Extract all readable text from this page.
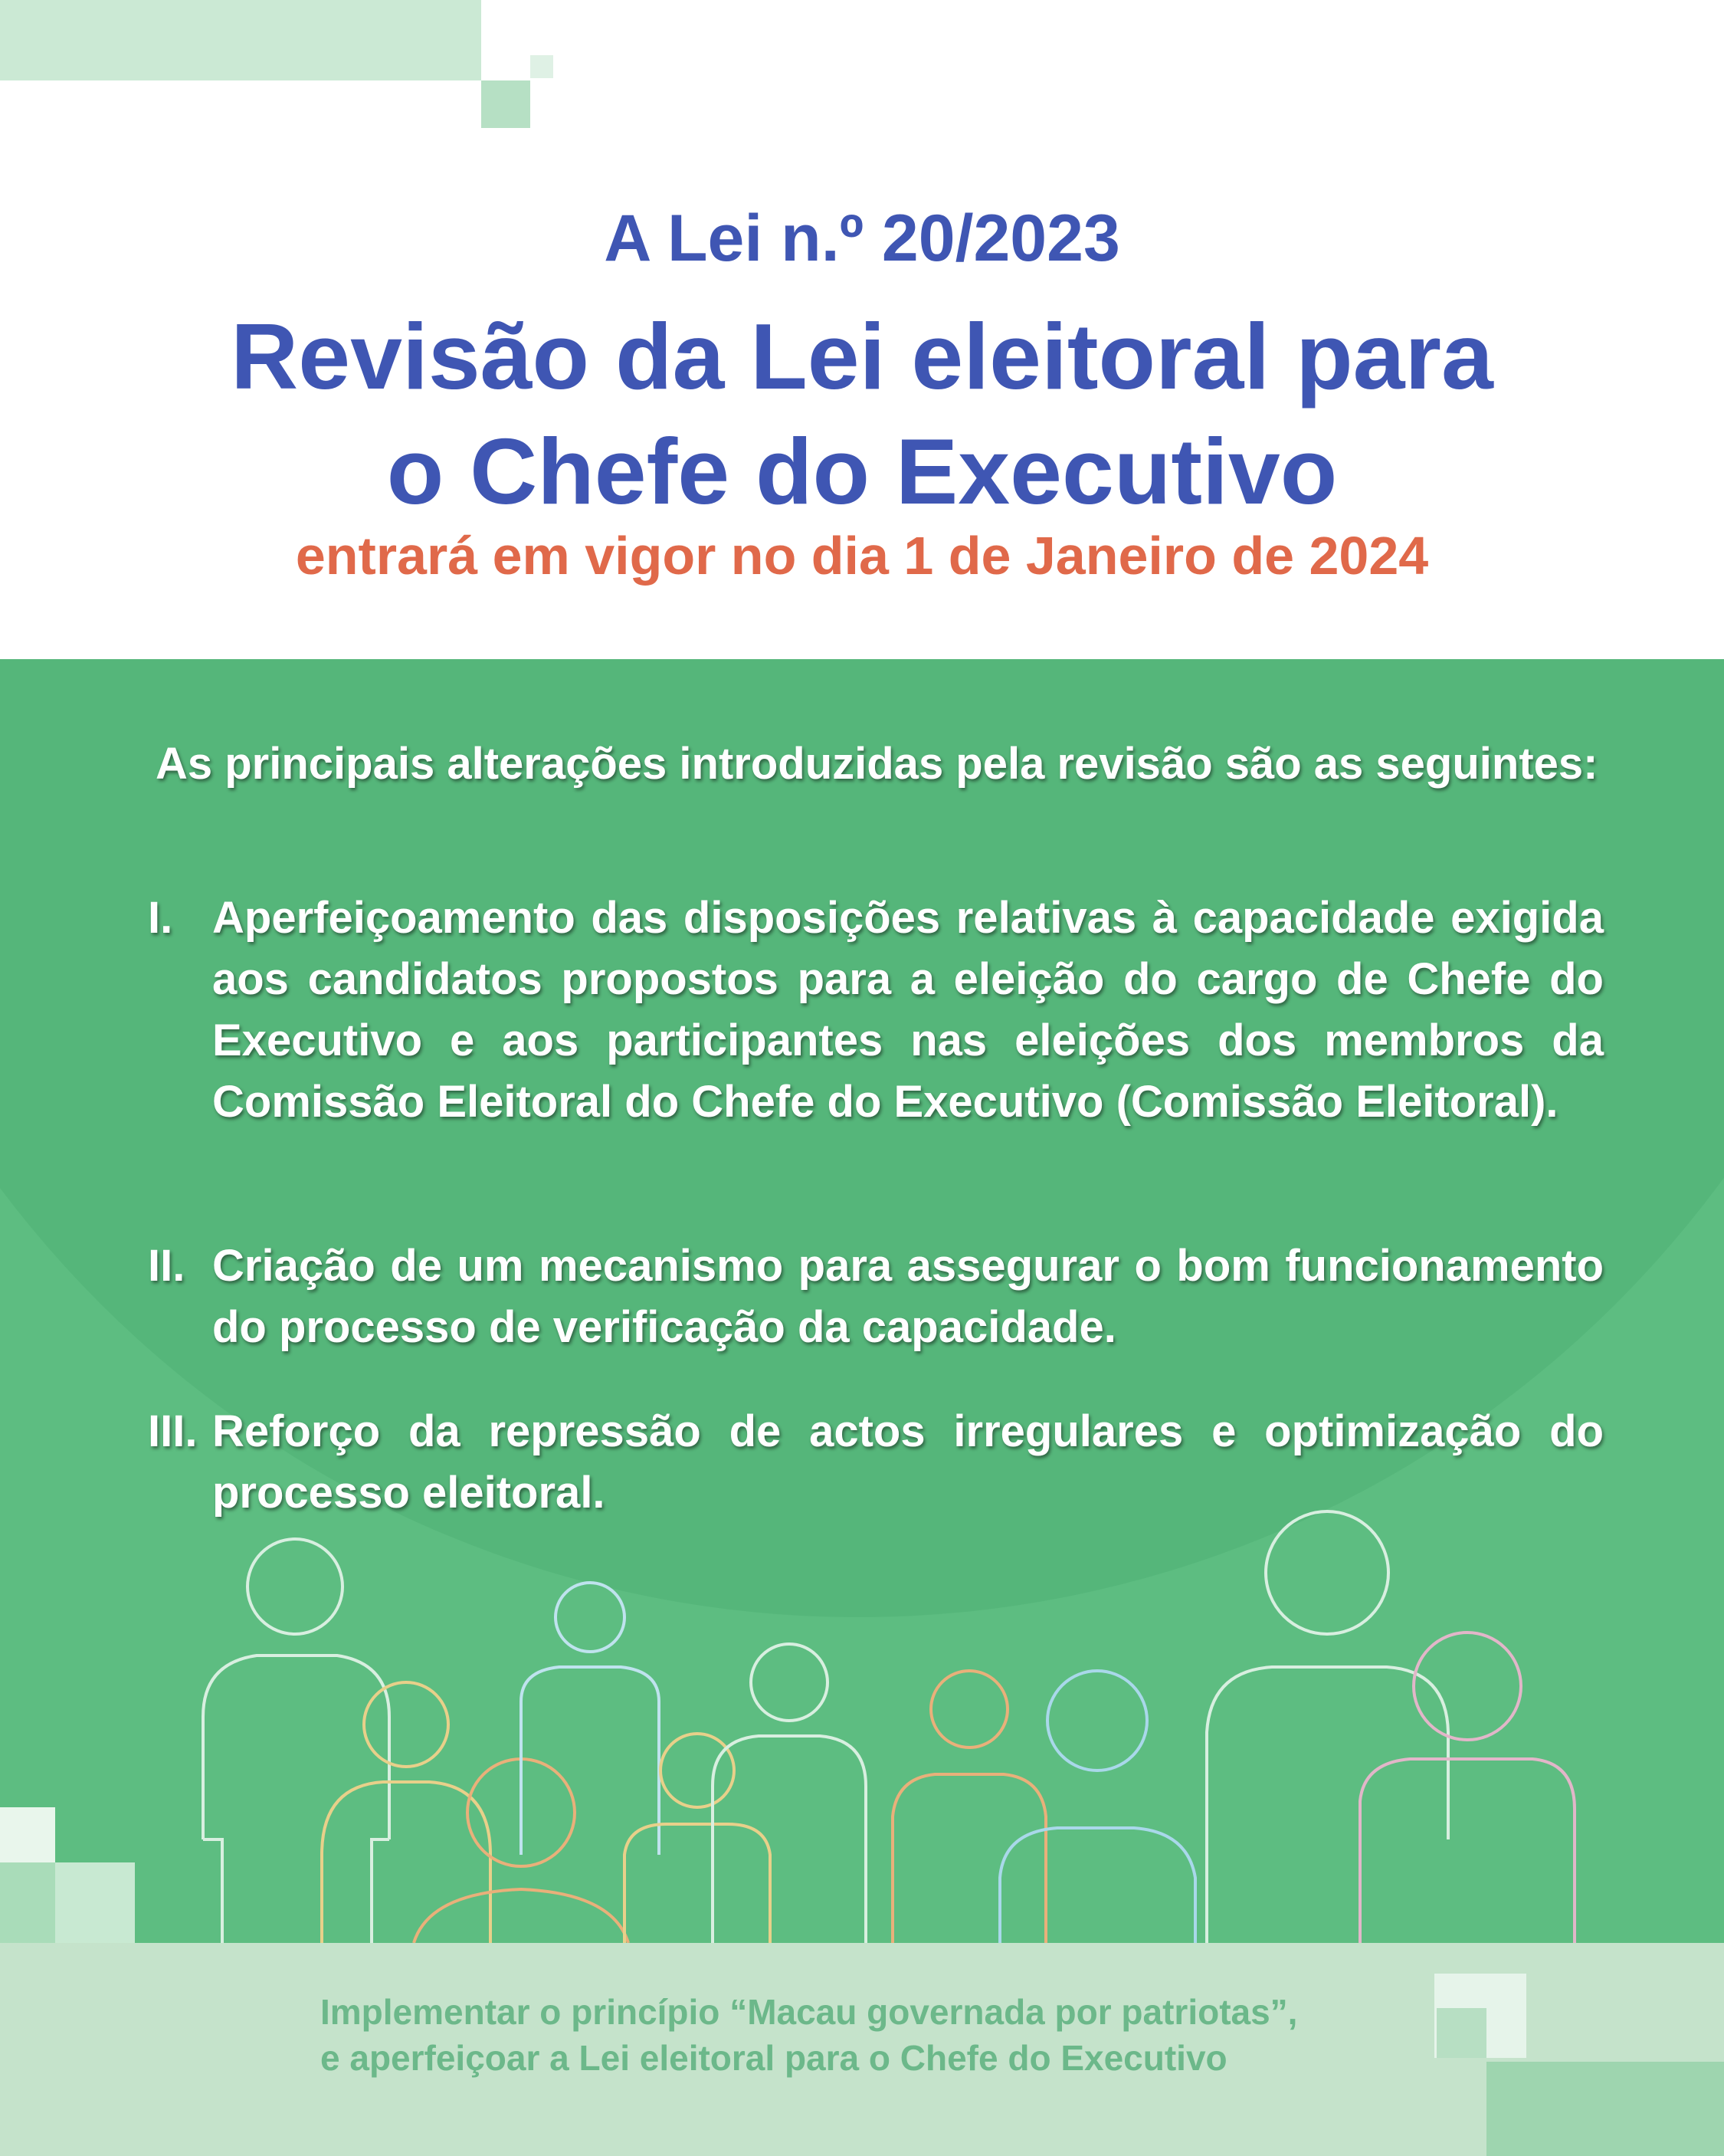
A Lei n.º 20/2023
Revisão da Lei eleitoral para
o Chefe do Executivo
entrará em vigor no dia 1 de Janeiro de 2024
As principais alterações introduzidas pela revisão são as seguintes:
I. Aperfeiçoamento das disposições relativas à capacidade exigida aos candidatos propostos para a eleição do cargo de Chefe do Executivo e aos participantes nas eleições dos membros da Comissão Eleitoral do Chefe do Executivo (Comissão Eleitoral).
II. Criação de um mecanismo para assegurar o bom funcionamento do processo de verificação da capacidade.
III. Reforço da repressão de actos irregulares e optimização do processo eleitoral.
Implementar o princípio “Macau governada por patriotas”,
e aperfeiçoar a Lei eleitoral para o Chefe do Executivo
